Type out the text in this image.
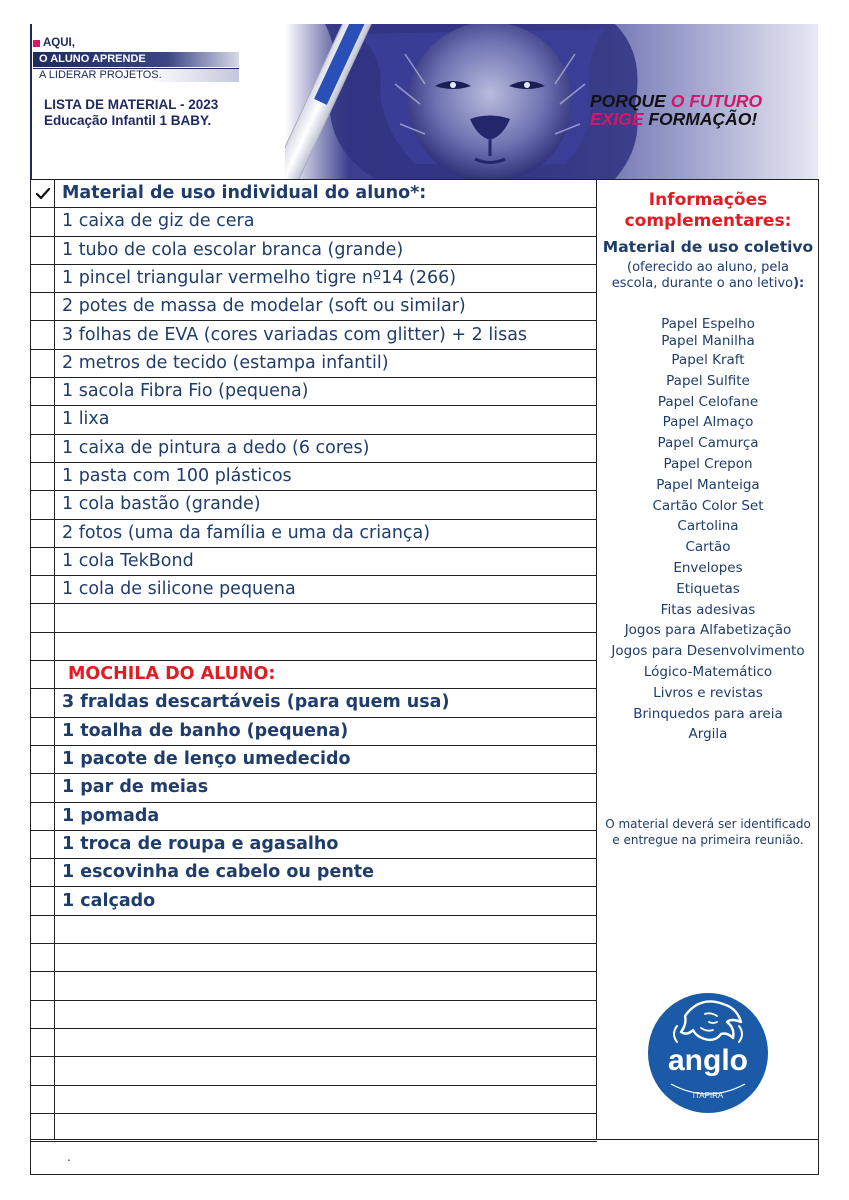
AQUI,
O ALUNO APRENDE
A LIDERAR PROJETOS.
LISTA DE MATERIAL - 2023
Educação Infantil 1 BABY.
PORQUE O FUTURO
EXIGE FORMAÇÃO!
Material de uso individual do aluno*:
1 caixa de giz de cera
1 tubo de cola escolar branca (grande)
1 pincel triangular vermelho tigre nº14 (266)
2 potes de massa de modelar (soft ou similar)
3 folhas de EVA (cores variadas com glitter) + 2 lisas
2 metros de tecido (estampa infantil)
1 sacola Fibra Fio (pequena)
1 lixa
1 caixa de pintura a dedo (6 cores)
1 pasta com 100 plásticos
1 cola bastão (grande)
2 fotos (uma da família e uma da criança)
1 cola TekBond
1 cola de silicone pequena
MOCHILA DO ALUNO:
3 fraldas descartáveis (para quem usa)
1 toalha de banho (pequena)
1 pacote de lenço umedecido
1 par de meias
1 pomada
1 troca de roupa e agasalho
1 escovinha de cabelo ou pente
1 calçado
Informações
complementares:
Material de uso coletivo
(oferecido ao aluno, pela
escola, durante o ano letivo):
Papel Espelho
Papel Manilha
Papel Kraft
Papel Sulfite
Papel Celofane
Papel Almaço
Papel Camurça
Papel Crepon
Papel Manteiga
Cartão Color Set
Cartolina
Cartão
Envelopes
Etiquetas
Fitas adesivas
Jogos para Alfabetização
Jogos para Desenvolvimento
Lógico-Matemático
Livros e revistas
Brinquedos para areia
Argila
O material deverá ser identificado
e entregue na primeira reunião.
anglo
ITAPIRA
.
